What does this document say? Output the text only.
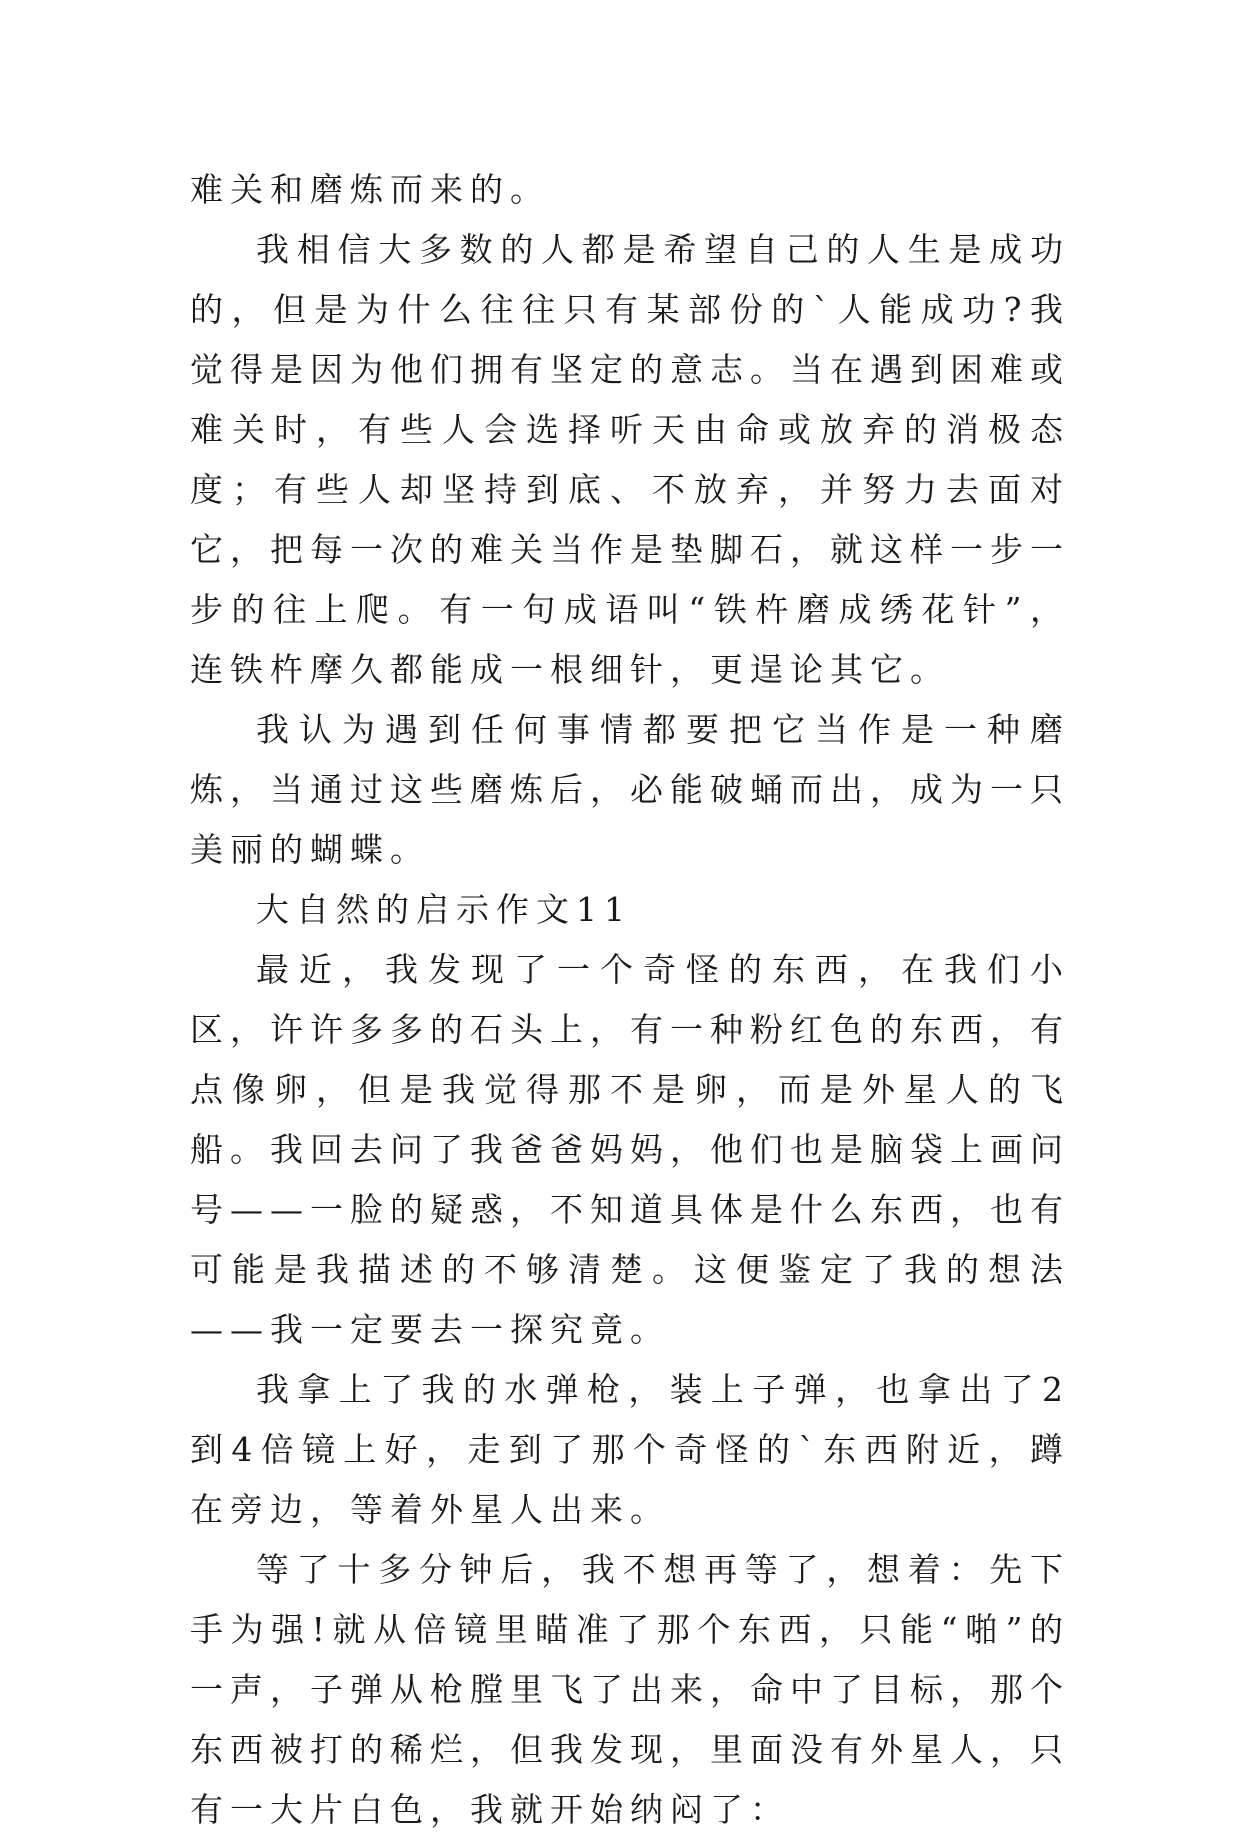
难关和磨炼而来的。

我相信大多数的人都是希望自己的人生是成功的，但是为什么往往只有某部份的`人能成功?我觉得是因为他们拥有坚定的意志。当在遇到困难或难关时，有些人会选择听天由命或放弃的消极态度；有些人却坚持到底、不放弃，并努力去面对它，把每一次的难关当作是垫脚石，就这样一步一步的往上爬。有一句成语叫“铁杵磨成绣花针”，连铁杵摩久都能成一根细针，更逞论其它。

我认为遇到任何事情都要把它当作是一种磨炼，当通过这些磨炼后，必能破蛹而出，成为一只美丽的蝴蝶。

大自然的启示作文11

最近，我发现了一个奇怪的东西，在我们小区，许许多多的石头上，有一种粉红色的东西，有点像卵，但是我觉得那不是卵，而是外星人的飞船。我回去问了我爸爸妈妈，他们也是脑袋上画问号——一脸的疑惑，不知道具体是什么东西，也有可能是我描述的不够清楚。这便鉴定了我的想法——我一定要去一探究竟。

我拿上了我的水弹枪，装上子弹，也拿出了2到4倍镜上好，走到了那个奇怪的`东西附近，蹲在旁边，等着外星人出来。

等了十多分钟后，我不想再等了，想着：先下手为强!就从倍镜里瞄准了那个东西，只能“啪”的一声，子弹从枪膛里飞了出来，命中了目标，那个东西被打的稀烂，但我发现，里面没有外星人，只有一大片白色，我就开始纳闷了：
